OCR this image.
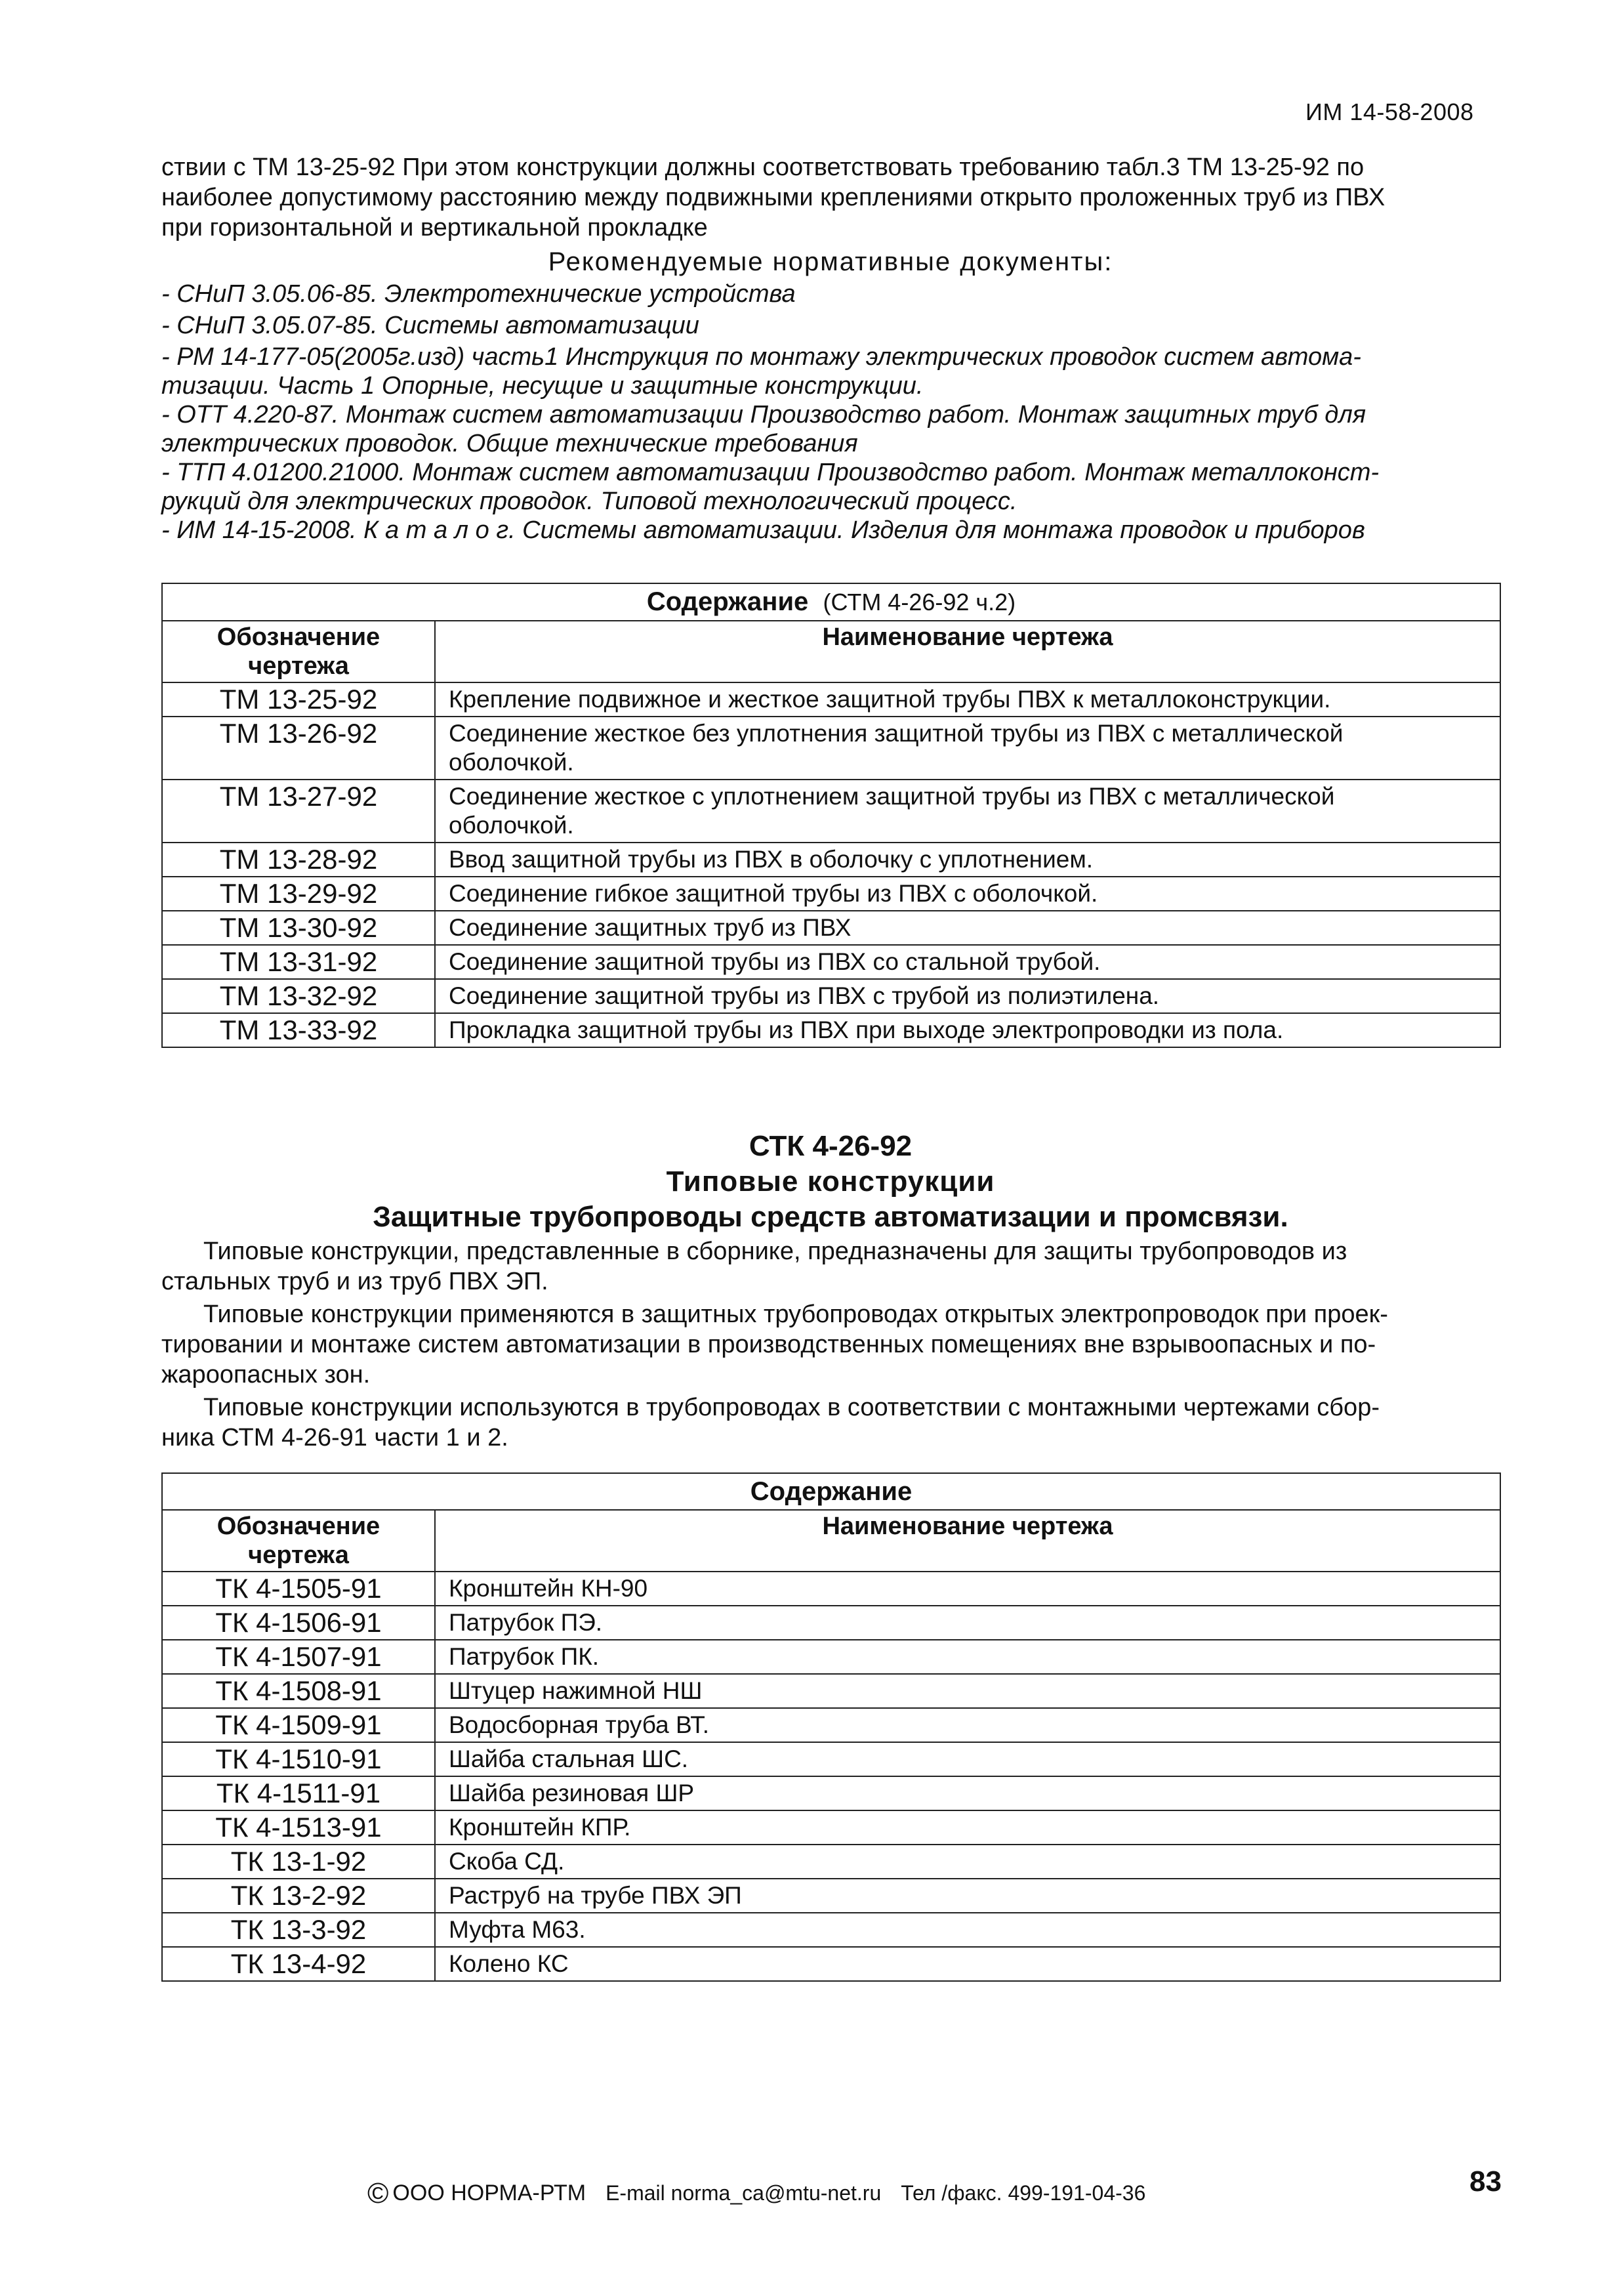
ИМ 14-58-2008
ствии с ТМ 13-25-92 При этом конструкции должны соответствовать требованию табл.3 ТМ 13-25-92 по
наиболее допустимому расстоянию между подвижными креплениями открыто проложенных труб из ПВХ
при горизонтальной и вертикальной прокладке
Рекомендуемые нормативные документы:
- СНиП 3.05.06-85. Электротехнические устройства
- СНиП 3.05.07-85. Системы автоматизации
- РМ 14-177-05(2005г.изд) часть1 Инструкция по монтажу электрических проводок систем автома-
тизации. Часть 1 Опорные, несущие и защитные конструкции.
- ОТТ 4.220-87. Монтаж систем автоматизации Производство работ. Монтаж защитных труб для
электрических проводок. Общие технические требования
- ТТП 4.01200.21000. Монтаж систем автоматизации Производство работ. Монтаж металлоконст-
рукций для электрических проводок. Типовой технологический процесс.
- ИМ 14-15-2008. К а т а л о г. Системы автоматизации. Изделия для монтажа проводок и приборов
Содержание (СТМ 4-26-92 ч.2)	

Обозначение
чертежа	Наименование чертежа
ТМ 13-25-92	Крепление подвижное и жесткое защитной трубы ПВХ к металлоконструкции.

ТМ 13-26-92	Соединение жесткое без уплотнения защитной трубы из ПВХ с металлической
оболочкой.

ТМ 13-27-92	Соединение жесткое с уплотнением защитной трубы из ПВХ с металлической
оболочкой.

ТМ 13-28-92	Ввод защитной трубы из ПВХ в оболочку с уплотнением.

ТМ 13-29-92	Соединение гибкое защитной трубы из ПВХ с оболочкой.

ТМ 13-30-92	Соединение защитных труб из ПВХ

ТМ 13-31-92	Соединение защитной трубы из ПВХ со стальной трубой.

ТМ 13-32-92	Соединение защитной трубы из ПВХ с трубой из полиэтилена.

ТМ 13-33-92	Прокладка защитной трубы из ПВХ при выходе электропроводки из пола.
СТК 4-26-92
Типовые конструкции
Защитные трубопроводы средств автоматизации и промсвязи.
Типовые конструкции, представленные в сборнике, предназначены для защиты трубопроводов из
стальных труб и из труб ПВХ ЭП.
Типовые конструкции применяются в защитных трубопроводах открытых электропроводок при проек-
тировании и монтаже систем автоматизации в производственных помещениях вне взрывоопасных и по-
жароопасных зон.
Типовые конструкции используются в трубопроводах в соответствии с монтажными чертежами сбор-
ника СТМ 4-26-91 части 1 и 2.
Содержание	

Обозначение
чертежа	Наименование чертежа
ТК 4-1505-91	Кронштейн КН-90
ТК 4-1506-91	Патрубок ПЭ.
ТК 4-1507-91	Патрубок ПК.
ТК 4-1508-91	Штуцер нажимной НШ
ТК 4-1509-91	Водосборная труба ВТ.
ТК 4-1510-91	Шайба стальная ШС.
ТК 4-1511-91	Шайба резиновая ШР
ТК 4-1513-91	Кронштейн КПР.
ТК 13-1-92	Скоба СД.
ТК 13-2-92	Раструб на трубе ПВХ ЭП
ТК 13-3-92	Муфта М63.
ТК 13-4-92	Колено КС
© ООО НОРМА-РТМ E-mail norma_ca@mtu-net.ru Тел /факс. 499-191-04-36	83
